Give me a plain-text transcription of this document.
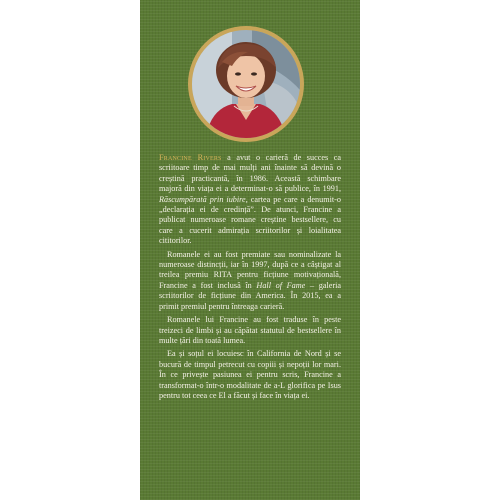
Francine Rivers a avut o carieră de succes ca scriitoare timp de mai mulți ani înainte să devină o creștină practicantă, în 1986. Această schimbare majoră din viața ei a determinat-o să publice, în 1991, Răscumpărată prin iubire, cartea pe care a denumit-o „declarația ei de credință”. De atunci, Francine a publicat numeroase romane creștine bestsellere, cu care a cucerit admirația scriitorilor și loialitatea cititorilor.

Romanele ei au fost premiate sau nominalizate la numeroase distincții, iar în 1997, după ce a câștigat al treilea premiu RITA pentru ficțiune motivațională, Francine a fost inclusă în Hall of Fame – galeria scriitorilor de ficțiune din America. În 2015, ea a primit premiul pentru întreaga carieră.

Romanele lui Francine au fost traduse în peste treizeci de limbi și au căpătat statutul de bestsellere în multe țări din toată lumea.

Ea și soțul ei locuiesc în California de Nord și se bucură de timpul petrecut cu copiii și nepoții lor mari. În ce privește pasiunea ei pentru scris, Francine a transformat-o într-o modalitate de a-L glorifica pe Isus pentru tot ceea ce El a făcut și face în viața ei.
